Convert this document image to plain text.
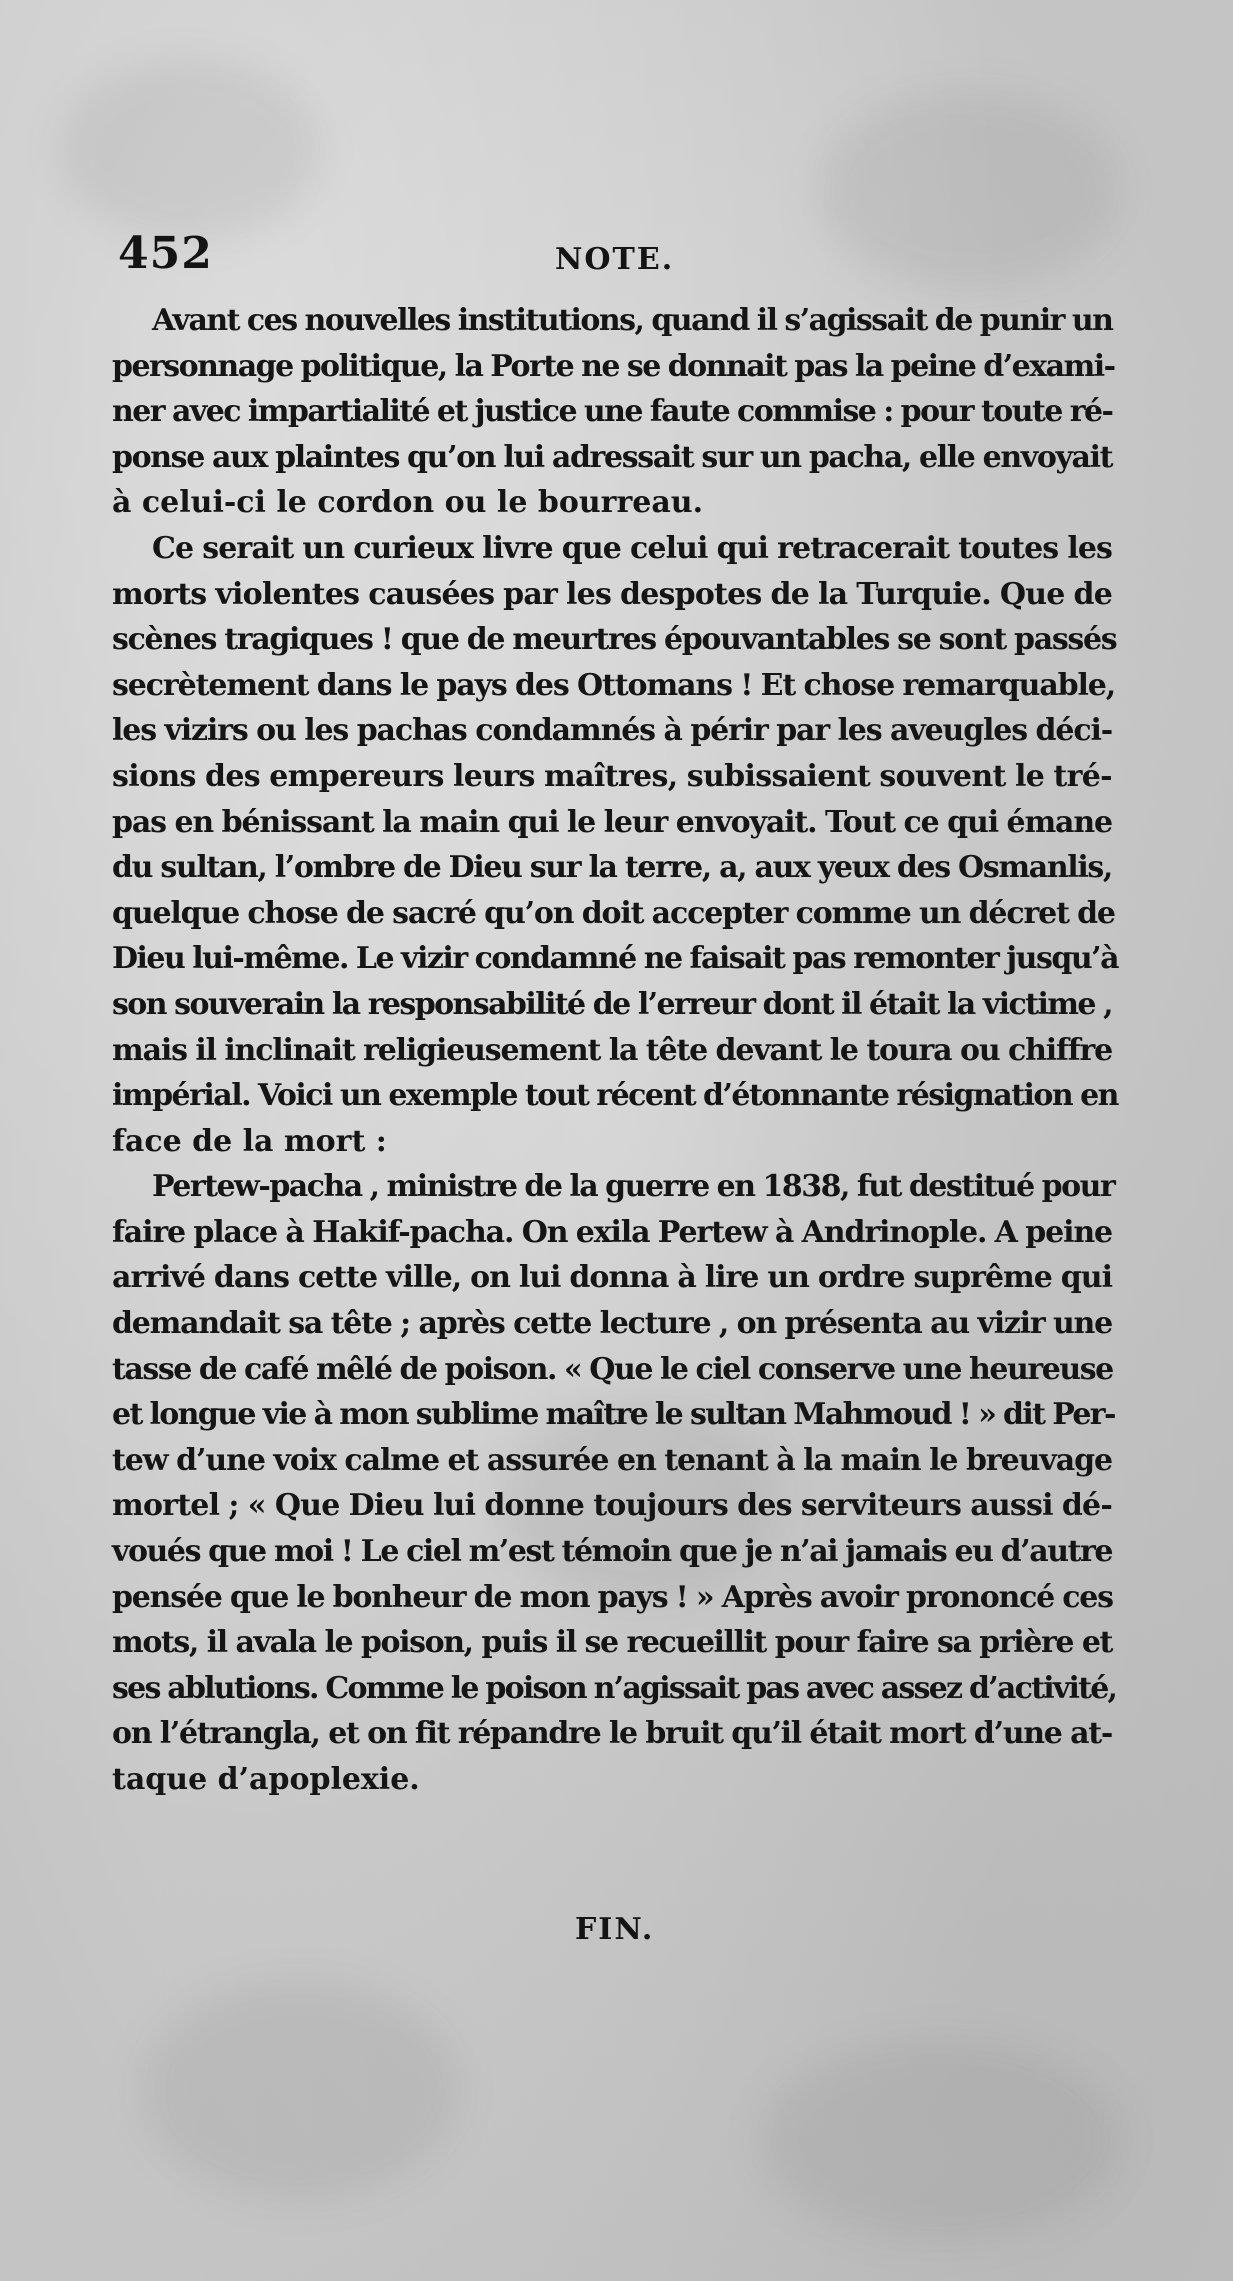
452	NOTE.
Avant ces nouvelles institutions, quand il s’agissait de punir un
personnage politique, la Porte ne se donnait pas la peine d’exami-
ner avec impartialité et justice une faute commise : pour toute ré-
ponse aux plaintes qu’on lui adressait sur un pacha, elle envoyait
à celui-ci le cordon ou le bourreau.
Ce serait un curieux livre que celui qui retracerait toutes les
morts violentes causées par les despotes de la Turquie. Que de
scènes tragiques ! que de meurtres épouvantables se sont passés
secrètement dans le pays des Ottomans ! Et chose remarquable,
les vizirs ou les pachas condamnés à périr par les aveugles déci-
sions des empereurs leurs maîtres, subissaient souvent le tré-
pas en bénissant la main qui le leur envoyait. Tout ce qui émane
du sultan, l’ombre de Dieu sur la terre, a, aux yeux des Osmanlis,
quelque chose de sacré qu’on doit accepter comme un décret de
Dieu lui-même. Le vizir condamné ne faisait pas remonter jusqu’à
son souverain la responsabilité de l’erreur dont il était la victime ,
mais il inclinait religieusement la tête devant le toura ou chiffre
impérial. Voici un exemple tout récent d’étonnante résignation en
face de la mort :
Pertew-pacha , ministre de la guerre en 1838, fut destitué pour
faire place à Hakif-pacha. On exila Pertew à Andrinople. A peine
arrivé dans cette ville, on lui donna à lire un ordre suprême qui
demandait sa tête ; après cette lecture , on présenta au vizir une
tasse de café mêlé de poison. « Que le ciel conserve une heureuse
et longue vie à mon sublime maître le sultan Mahmoud ! » dit Per-
tew d’une voix calme et assurée en tenant à la main le breuvage
mortel ; « Que Dieu lui donne toujours des serviteurs aussi dé-
voués que moi ! Le ciel m’est témoin que je n’ai jamais eu d’autre
pensée que le bonheur de mon pays ! » Après avoir prononcé ces
mots, il avala le poison, puis il se recueillit pour faire sa prière et
ses ablutions. Comme le poison n’agissait pas avec assez d’activité,
on l’étrangla, et on fit répandre le bruit qu’il était mort d’une at-
taque d’apoplexie.
FIN.
